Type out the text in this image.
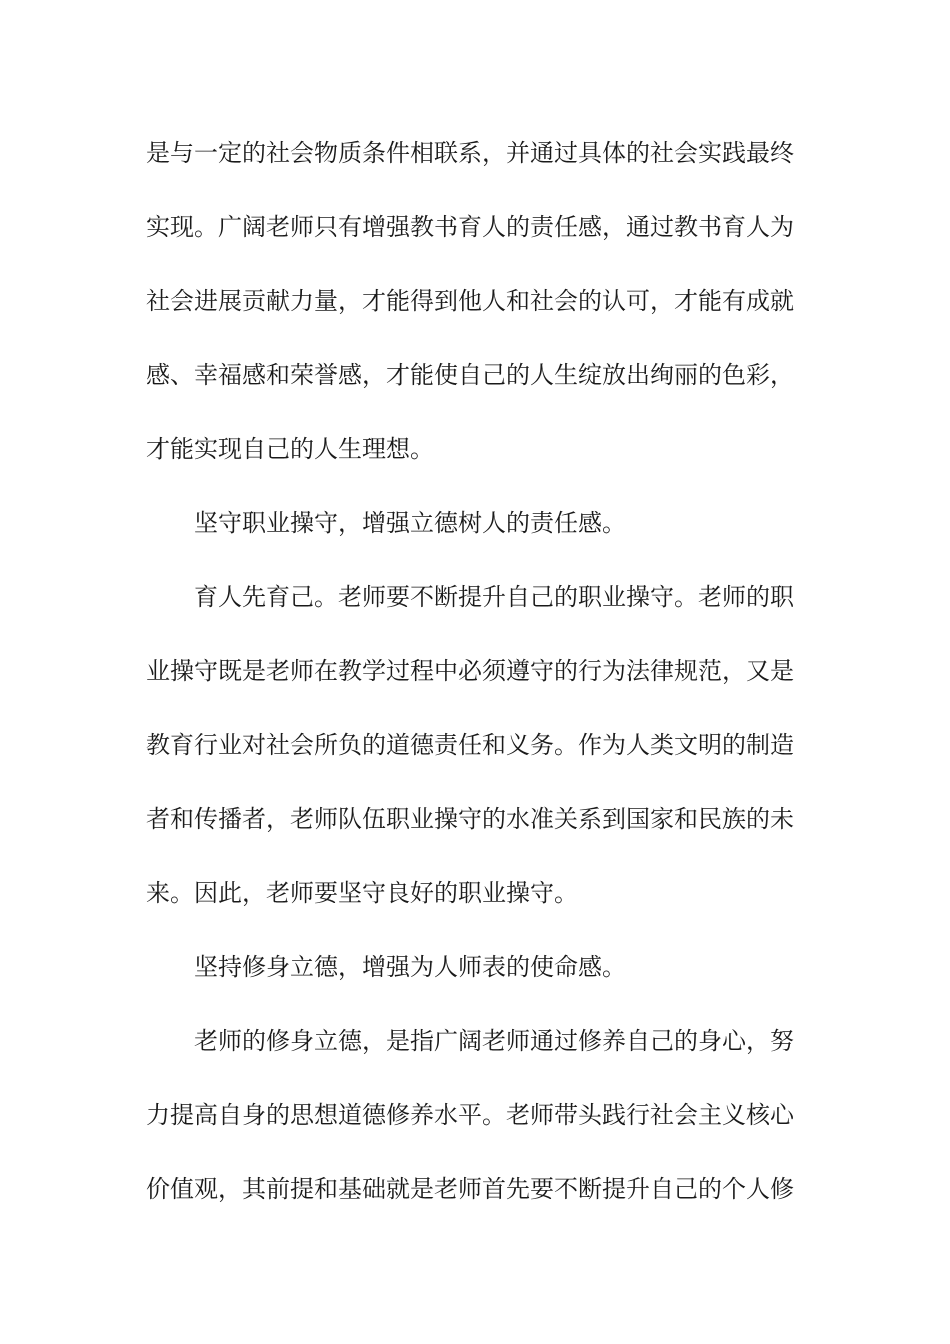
是与一定的社会物质条件相联系，并通过具体的社会实践最终
实现。广阔老师只有增强教书育人的责任感，通过教书育人为
社会进展贡献力量，才能得到他人和社会的认可，才能有成就
感、幸福感和荣誉感，才能使自己的人生绽放出绚丽的色彩，
才能实现自己的人生理想。
坚守职业操守，增强立德树人的责任感。
育人先育己。老师要不断提升自己的职业操守。老师的职
业操守既是老师在教学过程中必须遵守的行为法律规范，又是
教育行业对社会所负的道德责任和义务。作为人类文明的制造
者和传播者，老师队伍职业操守的水准关系到国家和民族的未
来。因此，老师要坚守良好的职业操守。
坚持修身立德，增强为人师表的使命感。
老师的修身立德，是指广阔老师通过修养自己的身心，努
力提高自身的思想道德修养水平。老师带头践行社会主义核心
价值观，其前提和基础就是老师首先要不断提升自己的个人修
